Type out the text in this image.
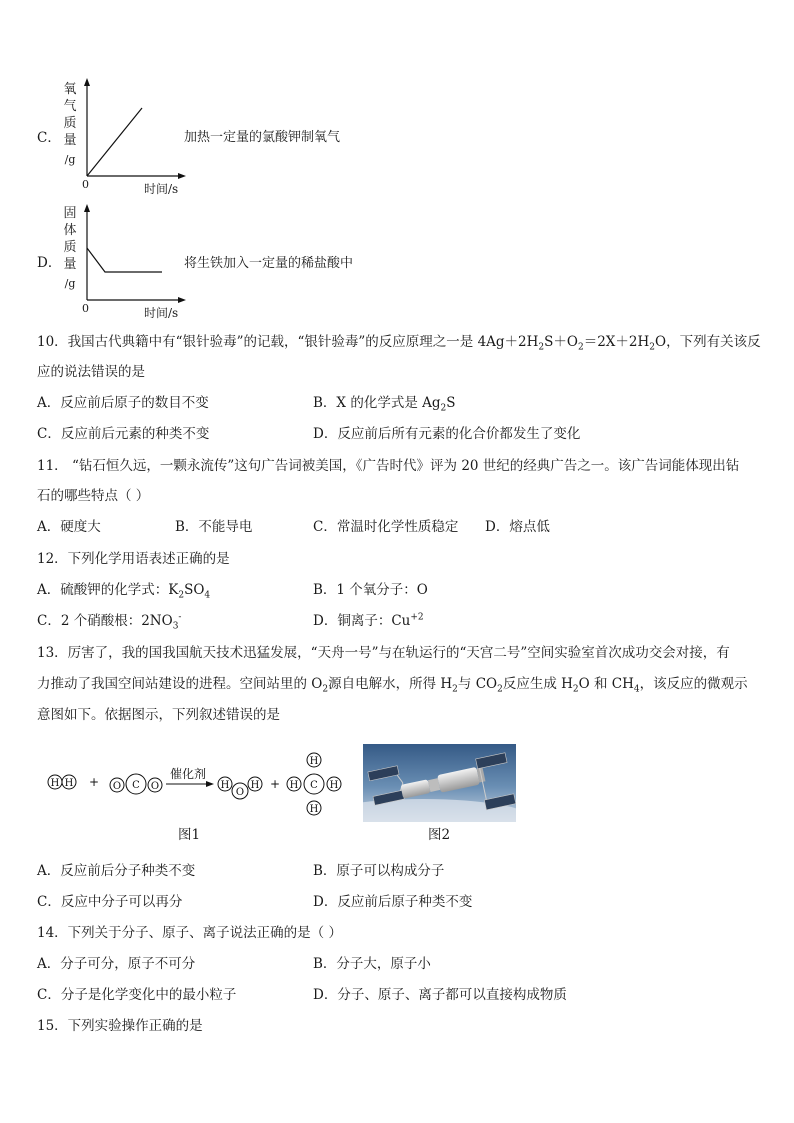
C．
氧
气
质
量
/g
0	时间/s
加热一定量的氯酸钾制氧气
D．
固
体
质
量
/g
0	时间/s
将生铁加入一定量的稀盐酸中
10．我国古代典籍中有“银针验毒”的记载，“银针验毒”的反应原理之一是 $4Ag+2H_2S+O_2=2X+2H_2O$，下列有关该反
应的说法错误的是
A．反应前后原子的数目不变	B．X 的化学式是 $Ag_2S$
C．反应前后元素的种类不变	D．反应前后所有元素的化合价都发生了变化
11． “钻石恒久远，一颗永流传”这句广告词被美国，《广告时代》评为 20 世纪的经典广告之一。该广告词能体现出钻
石的哪些特点（ ）
A．硬度大	B．不能导电	C．常温时化学性质稳定 D．熔点低
12．下列化学用语表述正确的是
A．硫酸钾的化学式：$K_2SO_4$	B．1 个氧分子：O
C．2 个硝酸根：$2NO_3^-$	D．铜离子：$Cu^{+2}$
13．厉害了，我的国我国航天技术迅猛发展，“天舟一号”与在轨运行的“天宫二号”空间实验室首次成功交会对接，有
力推动了我国空间站建设的进程。空间站里的 $O_2$源自电解水，所得 $H_2$与 $CO_2$反应生成 $H_2O$ 和 $CH_4$，该反应的微观示
意图如下。依据图示，下列叙述错误的是
H H + O C O
催化剂
H
O
H +
H
H C H
H
图1	图2
A．反应前后分子种类不变	B．原子可以构成分子
C．反应中分子可以再分	D．反应前后原子种类不变
14．下列关于分子、原子、离子说法正确的是（ ）
A．分子可分，原子不可分	B．分子大，原子小
C．分子是化学变化中的最小粒子	D．分子、原子、离子都可以直接构成物质
15．下列实验操作正确的是
